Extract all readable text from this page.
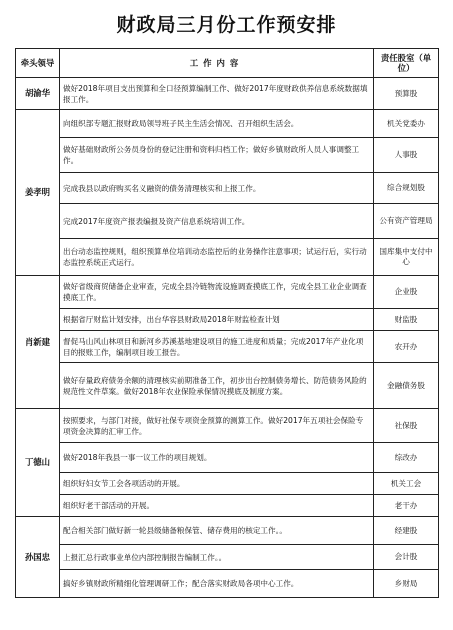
财政局三月份工作预安排
牵头领导	工作内容	责任股室（单位）
胡渝华	做好2018年项目支出预算和全口径预算编制工作、做好2017年度财政供养信息系统数据填报工作。	预算股
姜孝明	向组织部专题汇报财政局领导班子民主生活会情况、召开组织生活会。	机关党委办
	做好基础财政所公务员身份的登记注册和资料归档工作；做好乡镇财政所人员人事调整工作。	人事股
	完成我县以政府购买名义融资的债务清理核实和上报工作。	综合规划股
	完成2017年度资产报表编报及资产信息系统培训工作。	公有资产管理局
	出台动态监控规则，组织预算单位培训动态监控后的业务操作注意事项；试运行后，实行动态监控系统正式运行。	国库集中支付中心
肖新建	做好省级商贸储备企业审查，完成全县冷链物流设施调查摸底工作，完成全县工业企业调查摸底工作。	企业股
	根据省厅财监计划安排，出台华容县财政局2018年财监检查计划	财监股
	督促马山风山林项目和新河乡苏溪基地建设项目的施工进度和质量；完成2017年产业化项目的报账工作，编制项目竣工报告。	农开办
	做好存量政府债务余额的清理核实前期准备工作，初步出台控制债务增长、防范债务风险的规范性文件草案。做好2018年农业保险承保情况摸底及制度方案。	金融债务股
丁德山	按照要求，与部门对接，做好社保专项资金预算的测算工作。做好2017年五项社会保险专项资金决算的汇审工作。	社保股
	做好2018年我县一事一议工作的项目规划。	综改办
	组织好妇女节工会各项活动的开展。	机关工会
	组织好老干部活动的开展。	老干办
孙国忠	配合相关部门做好新一轮县级储备粮保管、储存费用的核定工作。。	经建股
	上报汇总行政事业单位内部控制报告编制工作。。	会计股
	搞好乡镇财政所精细化管理调研工作；配合落实财政局各项中心工作。	乡财局
